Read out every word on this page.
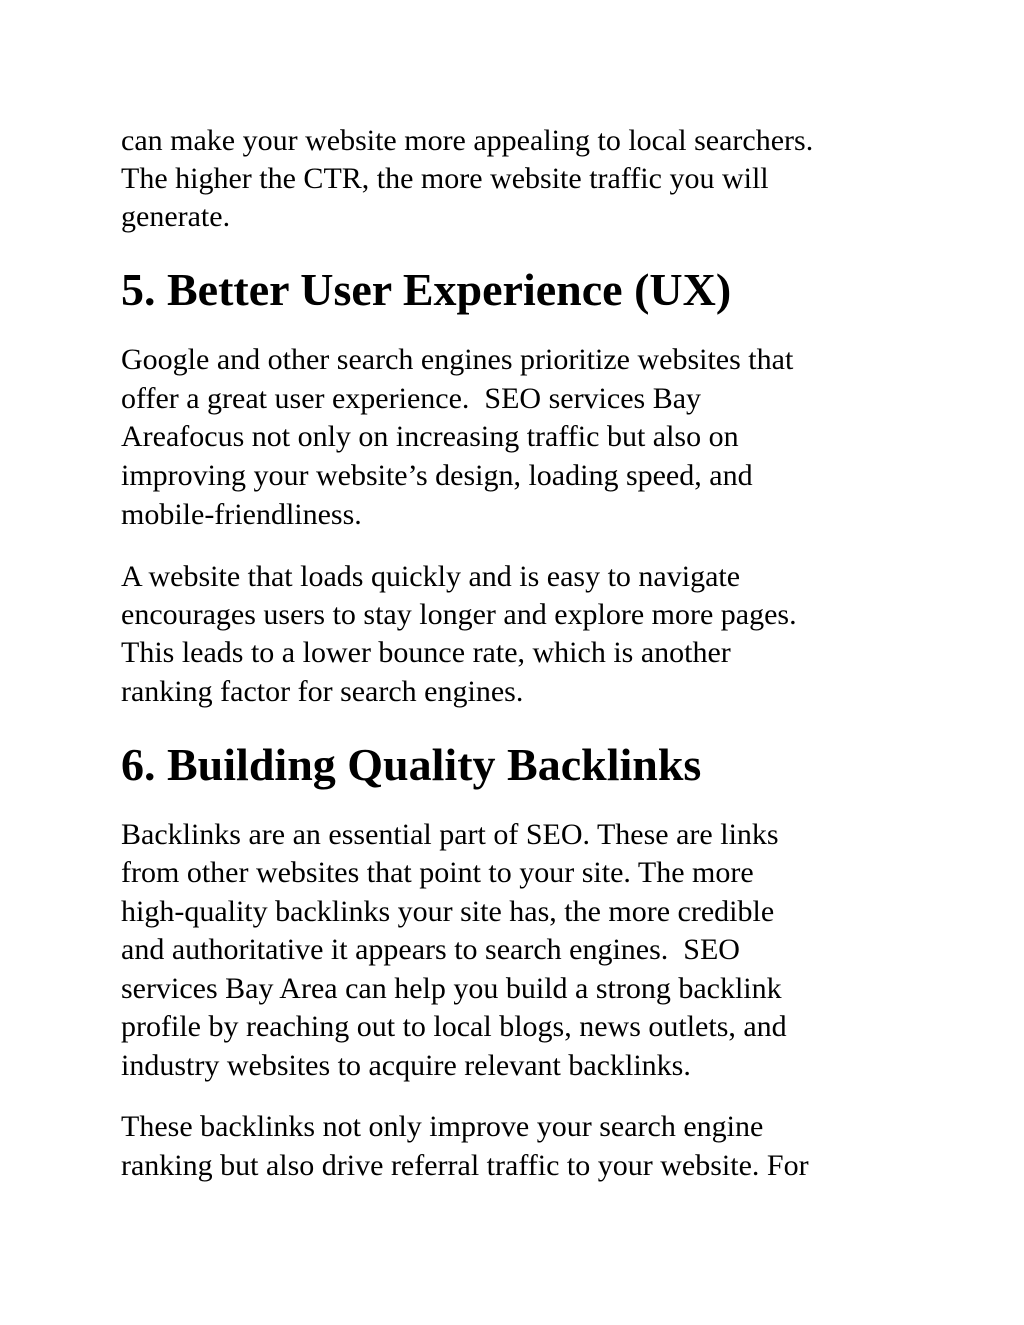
can make your website more appealing to local searchers.

The higher the CTR, the more website traffic you will

generate.

5. Better User Experience (UX)

Google and other search engines prioritize websites that

offer a great user experience.  SEO services Bay

Areafocus not only on increasing traffic but also on

improving your website’s design, loading speed, and

mobile-friendliness.

A website that loads quickly and is easy to navigate

encourages users to stay longer and explore more pages.

This leads to a lower bounce rate, which is another

ranking factor for search engines.

6. Building Quality Backlinks

Backlinks are an essential part of SEO. These are links

from other websites that point to your site. The more

high-quality backlinks your site has, the more credible

and authoritative it appears to search engines.  SEO

services Bay Area can help you build a strong backlink

profile by reaching out to local blogs, news outlets, and

industry websites to acquire relevant backlinks.

These backlinks not only improve your search engine

ranking but also drive referral traffic to your website. For
